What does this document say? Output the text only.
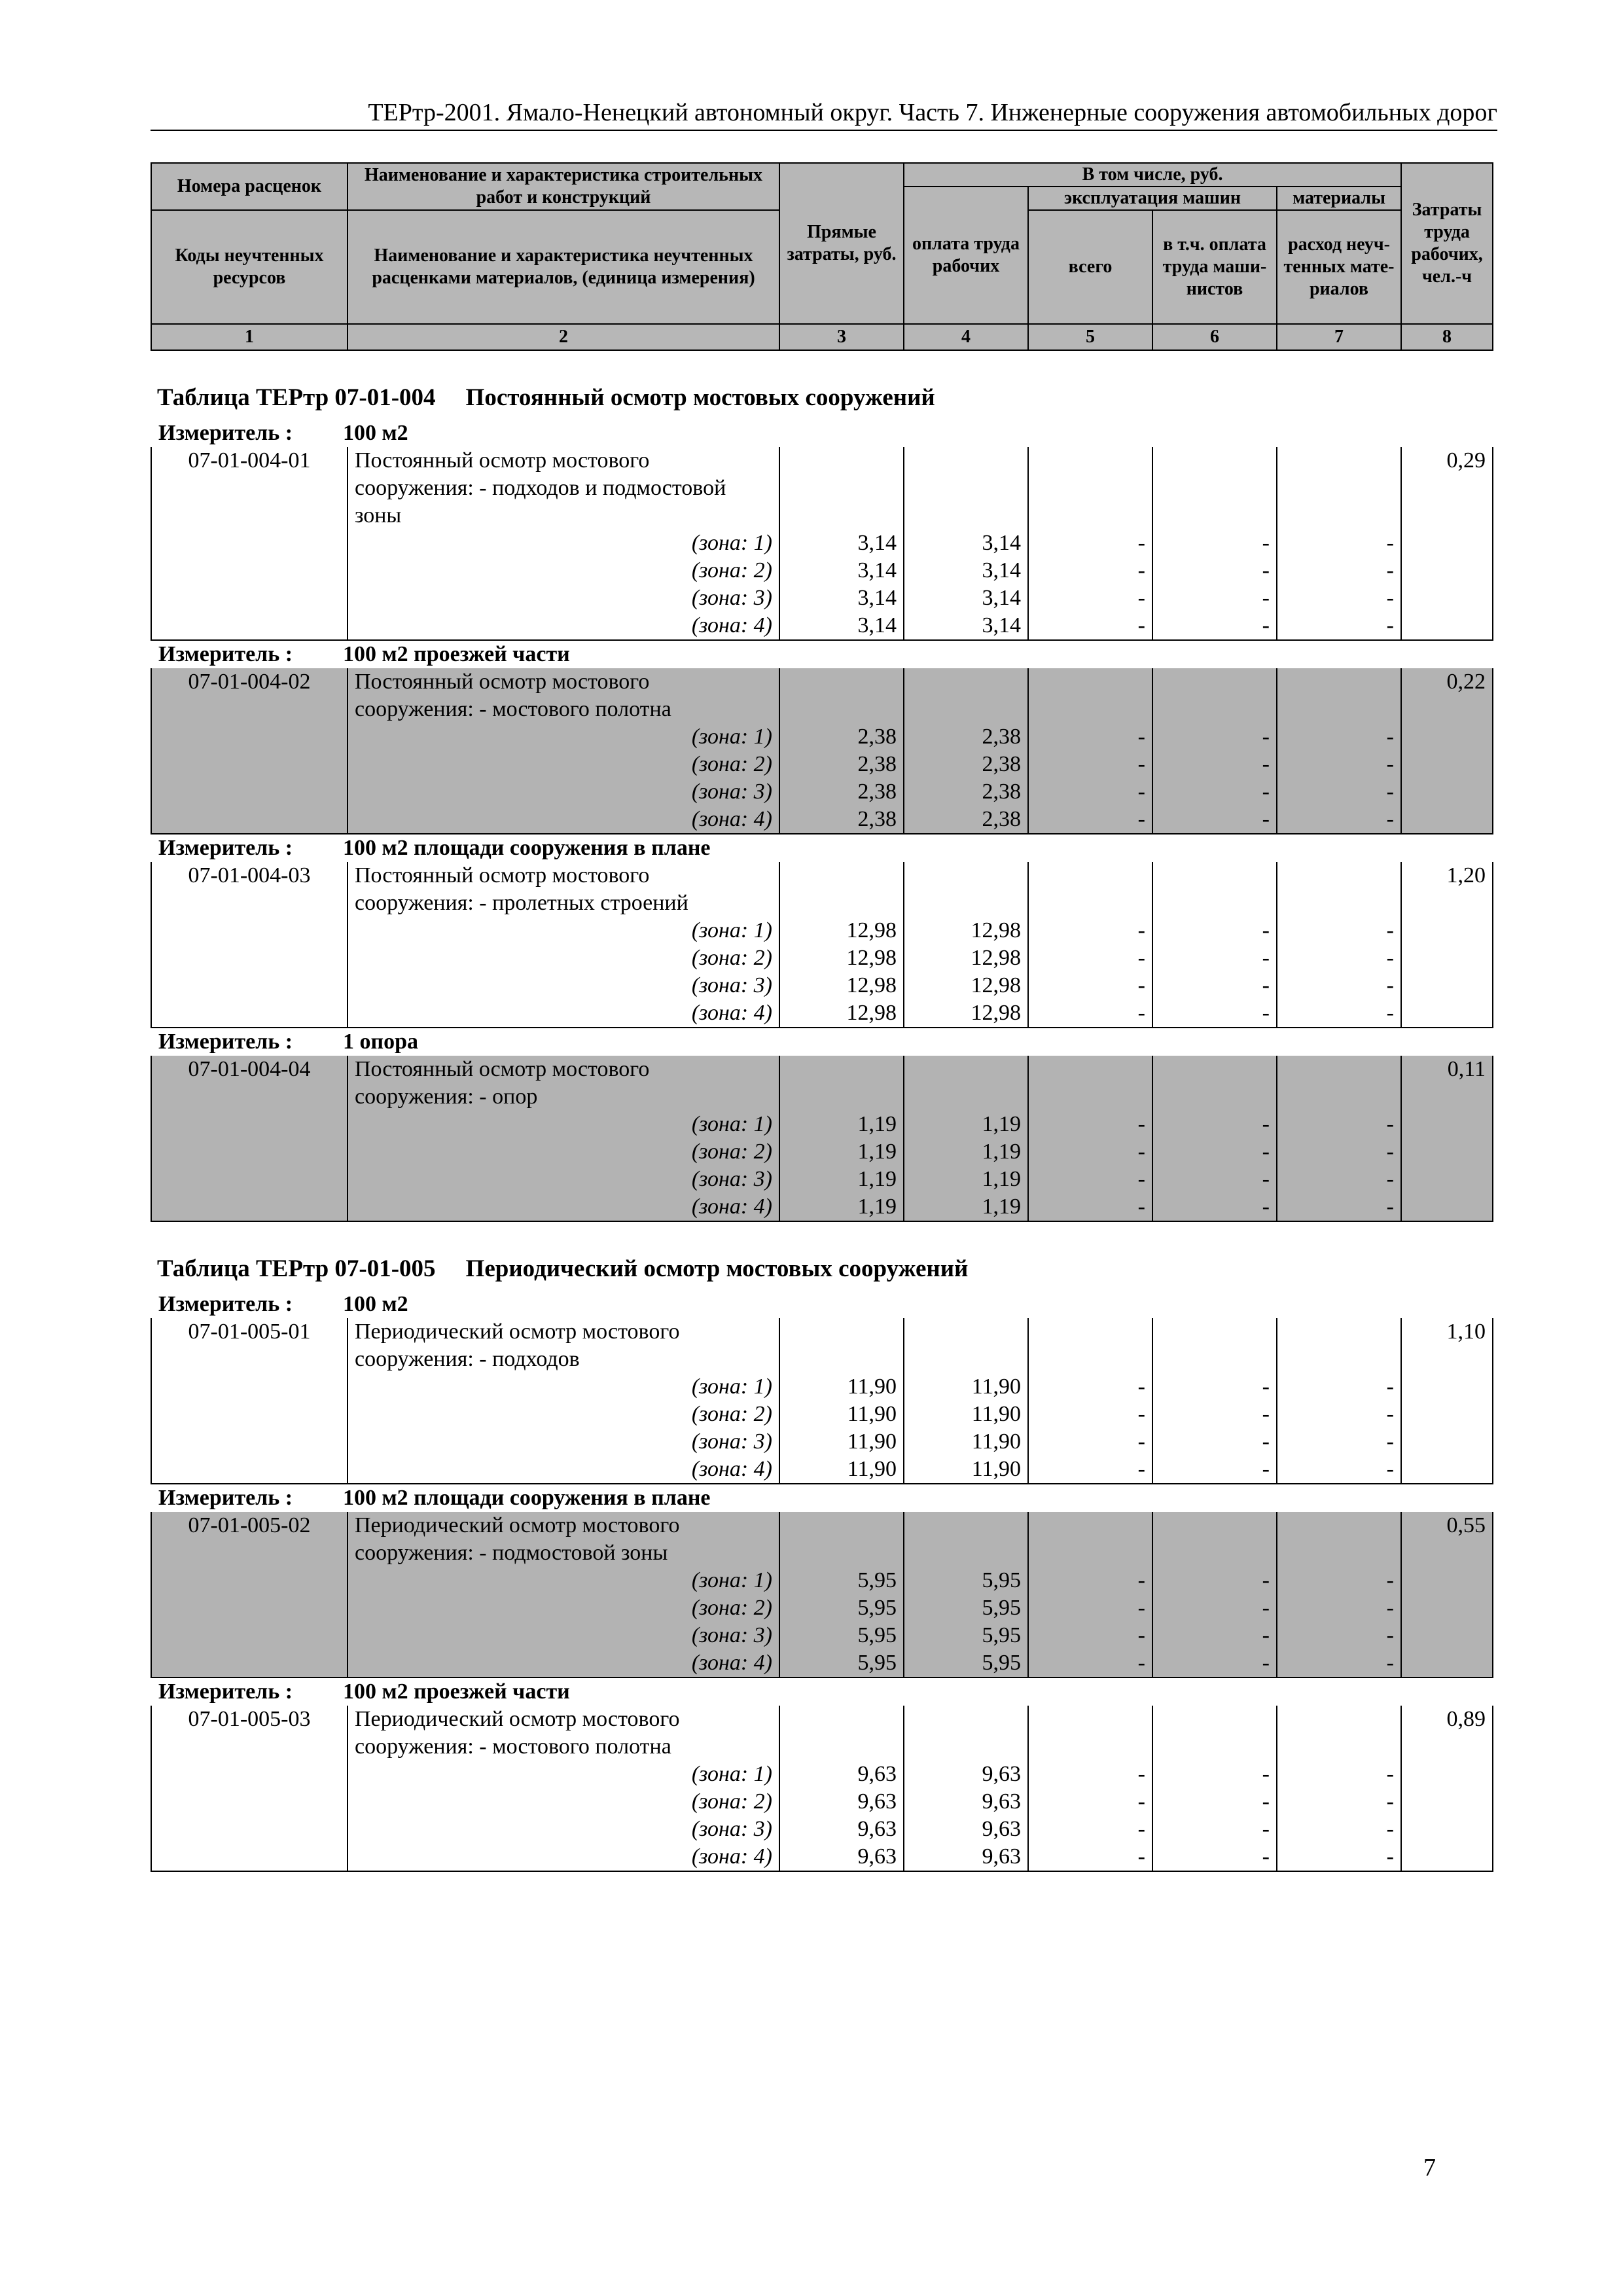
ТЕРтр-2001. Ямало-Ненецкий автономный округ. Часть 7. Инженерные сооружения автомобильных дорог
Номера расценок	Наименование и характеристика строительных работ и конструкций	Прямые затраты, руб.	В том числе, руб.				Затраты труда рабочих, чел.-ч
			оплата труда рабочих	эксплуатация машин		материалы	
Коды неучтенных ресурсов	Наименование и характеристика неучтенных расценками материалов, (единица измерения)			всего	в т.ч. оплата труда маши-нистов	расход неуч-тенных мате-риалов	

1	2	3	4	5	6	7	8
Таблица ТЕРтр 07-01-004 Постоянный осмотр мостовых сооружений
Измеритель : 100 м2
07-01-004-01	Постоянный осмотр мостового						0,29
	сооружения: - подходов и подмостовой						
	зоны						
	(зона: 1)	3,14	3,14	-	-	-	
	(зона: 2)	3,14	3,14	-	-	-	
	(зона: 3)	3,14	3,14	-	-	-	
	(зона: 4)	3,14	3,14	-	-	-	
Измеритель : 100 м2 проезжей части
07-01-004-02	Постоянный осмотр мостового						0,22
	сооружения: - мостового полотна						
	(зона: 1)	2,38	2,38	-	-	-	
	(зона: 2)	2,38	2,38	-	-	-	
	(зона: 3)	2,38	2,38	-	-	-	
	(зона: 4)	2,38	2,38	-	-	-	
Измеритель : 100 м2 площади сооружения в плане
07-01-004-03	Постоянный осмотр мостового						1,20
	сооружения: - пролетных строений						
	(зона: 1)	12,98	12,98	-	-	-	
	(зона: 2)	12,98	12,98	-	-	-	
	(зона: 3)	12,98	12,98	-	-	-	
	(зона: 4)	12,98	12,98	-	-	-	
Измеритель : 1 опора
07-01-004-04	Постоянный осмотр мостового						0,11
	сооружения: - опор						
	(зона: 1)	1,19	1,19	-	-	-	
	(зона: 2)	1,19	1,19	-	-	-	
	(зона: 3)	1,19	1,19	-	-	-	
	(зона: 4)	1,19	1,19	-	-	-	
Таблица ТЕРтр 07-01-005 Периодический осмотр мостовых сооружений
Измеритель : 100 м2
07-01-005-01	Периодический осмотр мостового						1,10
	сооружения: - подходов						
	(зона: 1)	11,90	11,90	-	-	-	
	(зона: 2)	11,90	11,90	-	-	-	
	(зона: 3)	11,90	11,90	-	-	-	
	(зона: 4)	11,90	11,90	-	-	-	
Измеритель : 100 м2 площади сооружения в плане
07-01-005-02	Периодический осмотр мостового						0,55
	сооружения: - подмостовой зоны						
	(зона: 1)	5,95	5,95	-	-	-	
	(зона: 2)	5,95	5,95	-	-	-	
	(зона: 3)	5,95	5,95	-	-	-	
	(зона: 4)	5,95	5,95	-	-	-	
Измеритель : 100 м2 проезжей части
07-01-005-03	Периодический осмотр мостового						0,89
	сооружения: - мостового полотна						
	(зона: 1)	9,63	9,63	-	-	-	
	(зона: 2)	9,63	9,63	-	-	-	
	(зона: 3)	9,63	9,63	-	-	-	
	(зона: 4)	9,63	9,63	-	-	-	
7
